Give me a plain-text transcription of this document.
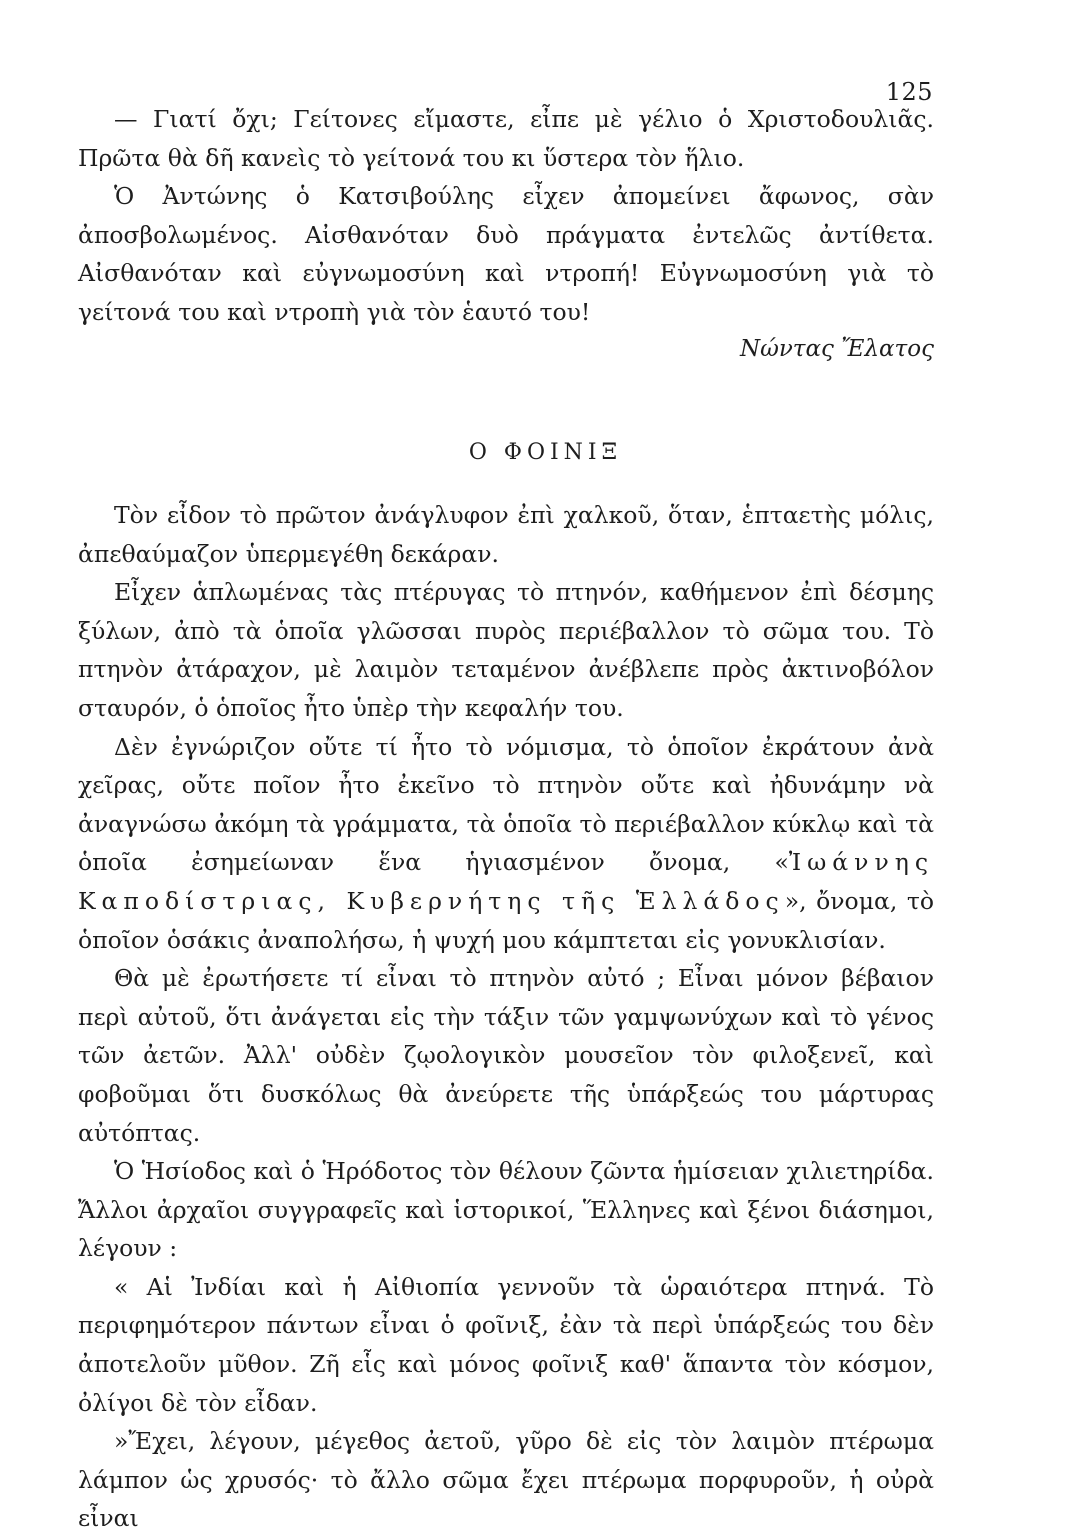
125

— Γιατί ὄχι; Γείτονες εἴμαστε, εἶπε μὲ γέλιο ὁ Χριστοδουλιᾶς. Πρῶτα θὰ δῆ κανεὶς τὸ γείτονά του κι ὕστερα τὸν ἥλιο.

Ὁ Ἀντώνης ὁ Κατσιβούλης εἶχεν ἀπομείνει ἄφωνος, σὰν ἀποσβολωμένος. Αἰσθανόταν δυὸ πράγματα ἐντελῶς ἀντίθετα. Αἰσθανόταν καὶ εὐγνωμοσύνη καὶ ντροπή! Εὐγνωμοσύνη γιὰ τὸ γείτονά του καὶ ντροπὴ γιὰ τὸν ἑαυτό του!

Νώντας Ἔλατος
Ο ΦΟΙΝΙΞ

Τὸν εἶδον τὸ πρῶτον ἀνάγλυφον ἐπὶ χαλκοῦ, ὅταν, ἑπταετὴς μόλις, ἀπεθαύμαζον ὑπερμεγέθη δεκάραν.

Εἶχεν ἁπλωμένας τὰς πτέρυγας τὸ πτηνόν, καθήμενον ἐπὶ δέσμης ξύλων, ἀπὸ τὰ ὁποῖα γλῶσσαι πυρὸς περιέβαλλον τὸ σῶμα του. Τὸ πτηνὸν ἀτάραχον, μὲ λαιμὸν τεταμένον ἀνέβλεπε πρὸς ἀκτινοβόλον σταυρόν, ὁ ὁποῖος ἦτο ὑπὲρ τὴν κεφαλήν του.

Δὲν ἐγνώριζον οὔτε τί ἦτο τὸ νόμισμα, τὸ ὁποῖον ἐκράτουν ἀνὰ χεῖρας, οὔτε ποῖον ἦτο ἐκεῖνο τὸ πτηνὸν οὔτε καὶ ἠδυνάμην νὰ ἀναγνώσω ἀκόμη τὰ γράμματα, τὰ ὁποῖα τὸ περιέβαλλον κύκλῳ καὶ τὰ ὁποῖα ἐσημείωναν ἕνα ἡγιασμένον ὄνομα, «Ἰωάννης Καποδίστριας, Κυβερνήτης τῆς Ἑλλάδος», ὄνομα, τὸ ὁποῖον ὁσάκις ἀναπολήσω, ἡ ψυχή μου κάμπτεται εἰς γονυκλισίαν.

Θὰ μὲ ἐρωτήσετε τί εἶναι τὸ πτηνὸν αὐτό ; Εἶναι μόνον βέβαιον περὶ αὐτοῦ, ὅτι ἀνάγεται εἰς τὴν τάξιν τῶν γαμψωνύχων καὶ τὸ γένος τῶν ἀετῶν. Ἀλλ' οὐδὲν ζῳολογικὸν μουσεῖον τὸν φιλοξενεῖ, καὶ φοβοῦμαι ὅτι δυσκόλως θὰ ἀνεύρετε τῆς ὑπάρξεώς του μάρτυρας αὐτόπτας.

Ὁ Ἡσίοδος καὶ ὁ Ἡρόδοτος τὸν θέλουν ζῶντα ἡμίσειαν χιλιετηρίδα. Ἄλλοι ἀρχαῖοι συγγραφεῖς καὶ ἱστορικοί, Ἕλληνες καὶ ξένοι διάσημοι, λέγουν :

« Αἱ Ἰνδίαι καὶ ἡ Αἰθιοπία γεννοῦν τὰ ὡραιότερα πτηνά. Τὸ περιφημότερον πάντων εἶναι ὁ φοῖνιξ, ἐὰν τὰ περὶ ὑπάρξεώς του δὲν ἀποτελοῦν μῦθον. Ζῆ εἷς καὶ μόνος φοῖνιξ καθ' ἅπαντα τὸν κόσμον, ὀλίγοι δὲ τὸν εἶδαν.

»Ἔχει, λέγουν, μέγεθος ἀετοῦ, γῦρο δὲ εἰς τὸν λαιμὸν πτέρωμα λάμπον ὡς χρυσός· τὸ ἄλλο σῶμα ἔχει πτέρωμα πορφυροῦν, ἡ οὐρὰ εἶναι
